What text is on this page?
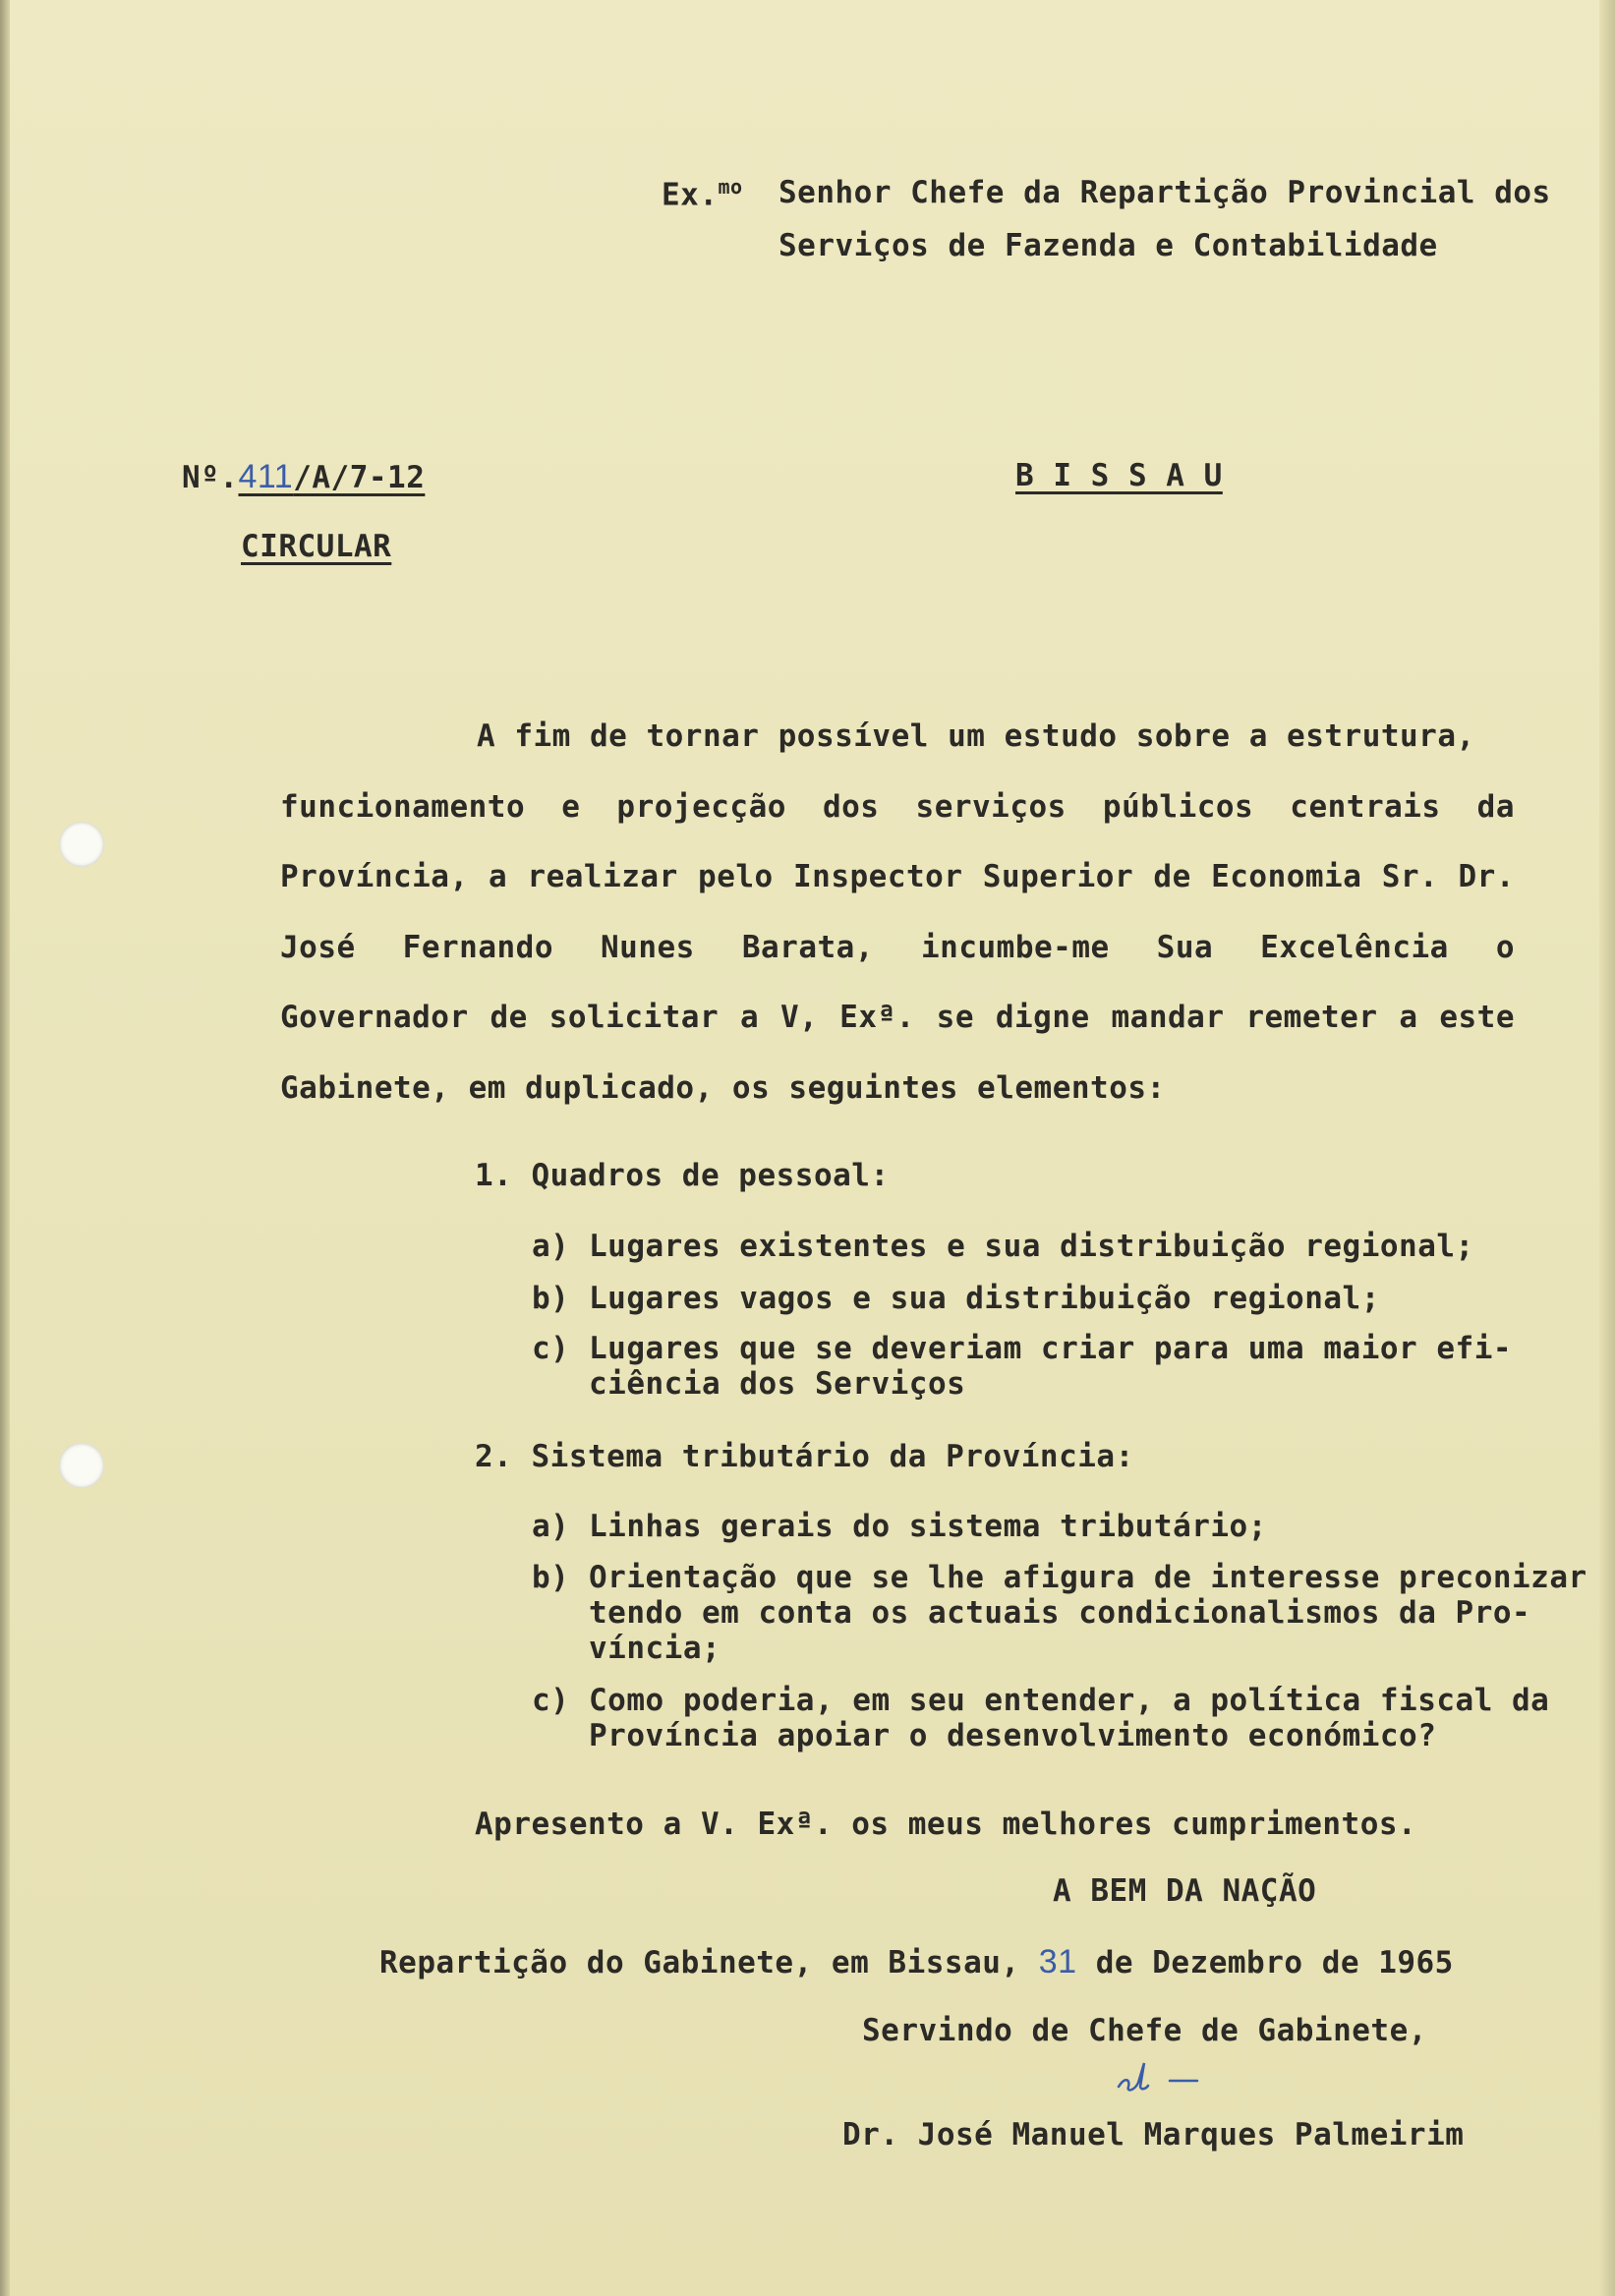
Ex.$^{mo}$ Senhor Chefe da Repartição Provincial dos
Serviços de Fazenda e Contabilidade
Nº.411/A/7-12	B I S S A U
CIRCULAR
A fim de tornar possível um estudo sobre a estrutura,
funcionamento e projecção dos serviços públicos centrais da Província, a realizar pelo Inspector Superior de Economia Sr. Dr. José Fernando Nunes Barata, incumbe-me Sua Excelência o Governador de solicitar a V, Exª. se digne mandar remeter a este Gabinete, em duplicado, os seguintes elementos:
1. Quadros de pessoal:
a) Lugares existentes e sua distribuição regional;
b) Lugares vagos e sua distribuição regional;
c) Lugares que se deveriam criar para uma maior efi-
ciência dos Serviços
2. Sistema tributário da Província:
a) Linhas gerais do sistema tributário;
b) Orientação que se lhe afigura de interesse preconizar
tendo em conta os actuais condicionalismos da Pro-
víncia;
c) Como poderia, em seu entender, a política fiscal da
Província apoiar o desenvolvimento económico?
Apresento a V. Exª. os meus melhores cumprimentos.
A BEM DA NAÇÃO
Repartição do Gabinete, em Bissau, 31 de Dezembro de 1965
Servindo de Chefe de Gabinete,
Dr. José Manuel Marques Palmeirim
